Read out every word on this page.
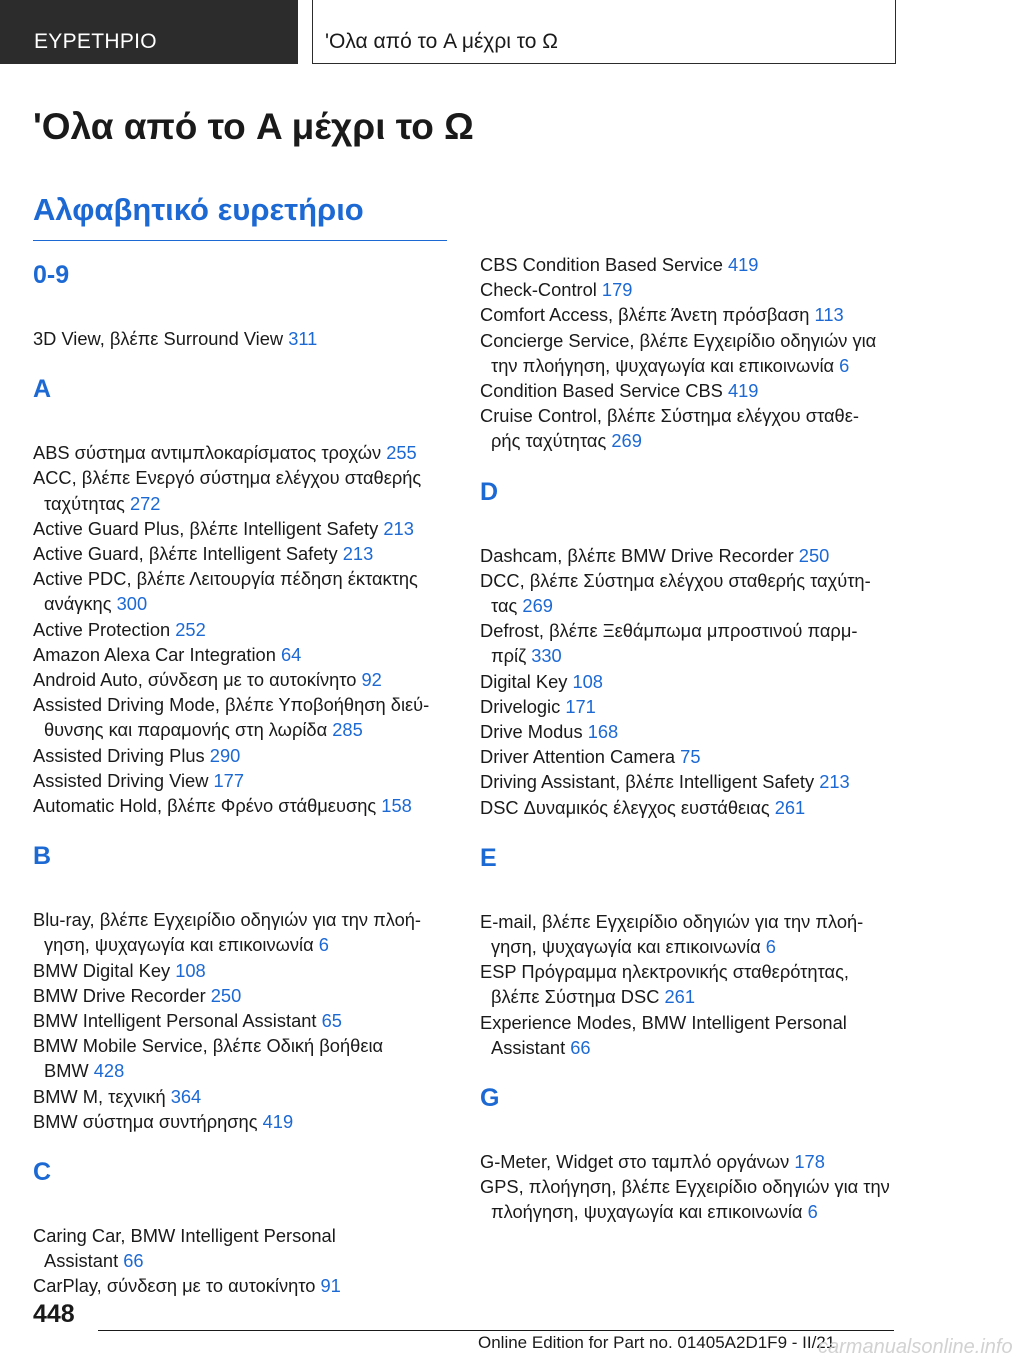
ΕΥΡΕΤΗΡΙΟ	'Ολα από το A μέχρι το Ω
'Ολα από το A μέχρι το Ω
Αλφαβητικό ευρετήριο
0-9
3D View, βλέπε Surround View 311
A
ABS σύστημα αντιμπλοκαρίσματος τροχών 255
ACC, βλέπε Ενεργό σύστημα ελέγχου σταθερής
ταχύτητας 272
Active Guard Plus, βλέπε Intelligent Safety 213
Active Guard, βλέπε Intelligent Safety 213
Active PDC, βλέπε Λειτουργία πέδηση έκτακτης
ανάγκης 300
Active Protection 252
Amazon Alexa Car Integration 64
Android Auto, σύνδεση με το αυτοκίνητο 92
Assisted Driving Mode, βλέπε Υποβοήθηση διεύ-
θυνσης και παραμονής στη λωρίδα 285
Assisted Driving Plus 290
Assisted Driving View 177
Automatic Hold, βλέπε Φρένο στάθμευσης 158
B
Blu-ray, βλέπε Εγχειρίδιο οδηγιών για την πλοή-
γηση, ψυχαγωγία και επικοινωνία 6
BMW Digital Key 108
BMW Drive Recorder 250
BMW Intelligent Personal Assistant 65
BMW Mobile Service, βλέπε Οδική βοήθεια
BMW 428
BMW M, τεχνική 364
BMW σύστημα συντήρησης 419
C
Caring Car, BMW Intelligent Personal
Assistant 66
CarPlay, σύνδεση με το αυτοκίνητο 91
CBS Condition Based Service 419
Check-Control 179
Comfort Access, βλέπε Άνετη πρόσβαση 113
Concierge Service, βλέπε Εγχειρίδιο οδηγιών για
την πλοήγηση, ψυχαγωγία και επικοινωνία 6
Condition Based Service CBS 419
Cruise Control, βλέπε Σύστημα ελέγχου σταθε-
ρής ταχύτητας 269
D
Dashcam, βλέπε BMW Drive Recorder 250
DCC, βλέπε Σύστημα ελέγχου σταθερής ταχύτη-
τας 269
Defrost, βλέπε Ξεθάμπωμα μπροστινού παρμ-
πρίζ 330
Digital Key 108
Drivelogic 171
Drive Modus 168
Driver Attention Camera 75
Driving Assistant, βλέπε Intelligent Safety 213
DSC Δυναμικός έλεγχος ευστάθειας 261
E
E-mail, βλέπε Εγχειρίδιο οδηγιών για την πλοή-
γηση, ψυχαγωγία και επικοινωνία 6
ESP Πρόγραμμα ηλεκτρονικής σταθερότητας,
βλέπε Σύστημα DSC 261
Experience Modes, BMW Intelligent Personal
Assistant 66
G
G-Meter, Widget στο ταμπλό οργάνων 178
GPS, πλοήγηση, βλέπε Εγχειρίδιο οδηγιών για την
πλοήγηση, ψυχαγωγία και επικοινωνία 6
448
Online Edition for Part no. 01405A2D1F9 - II/21
carmanualsonline.info
